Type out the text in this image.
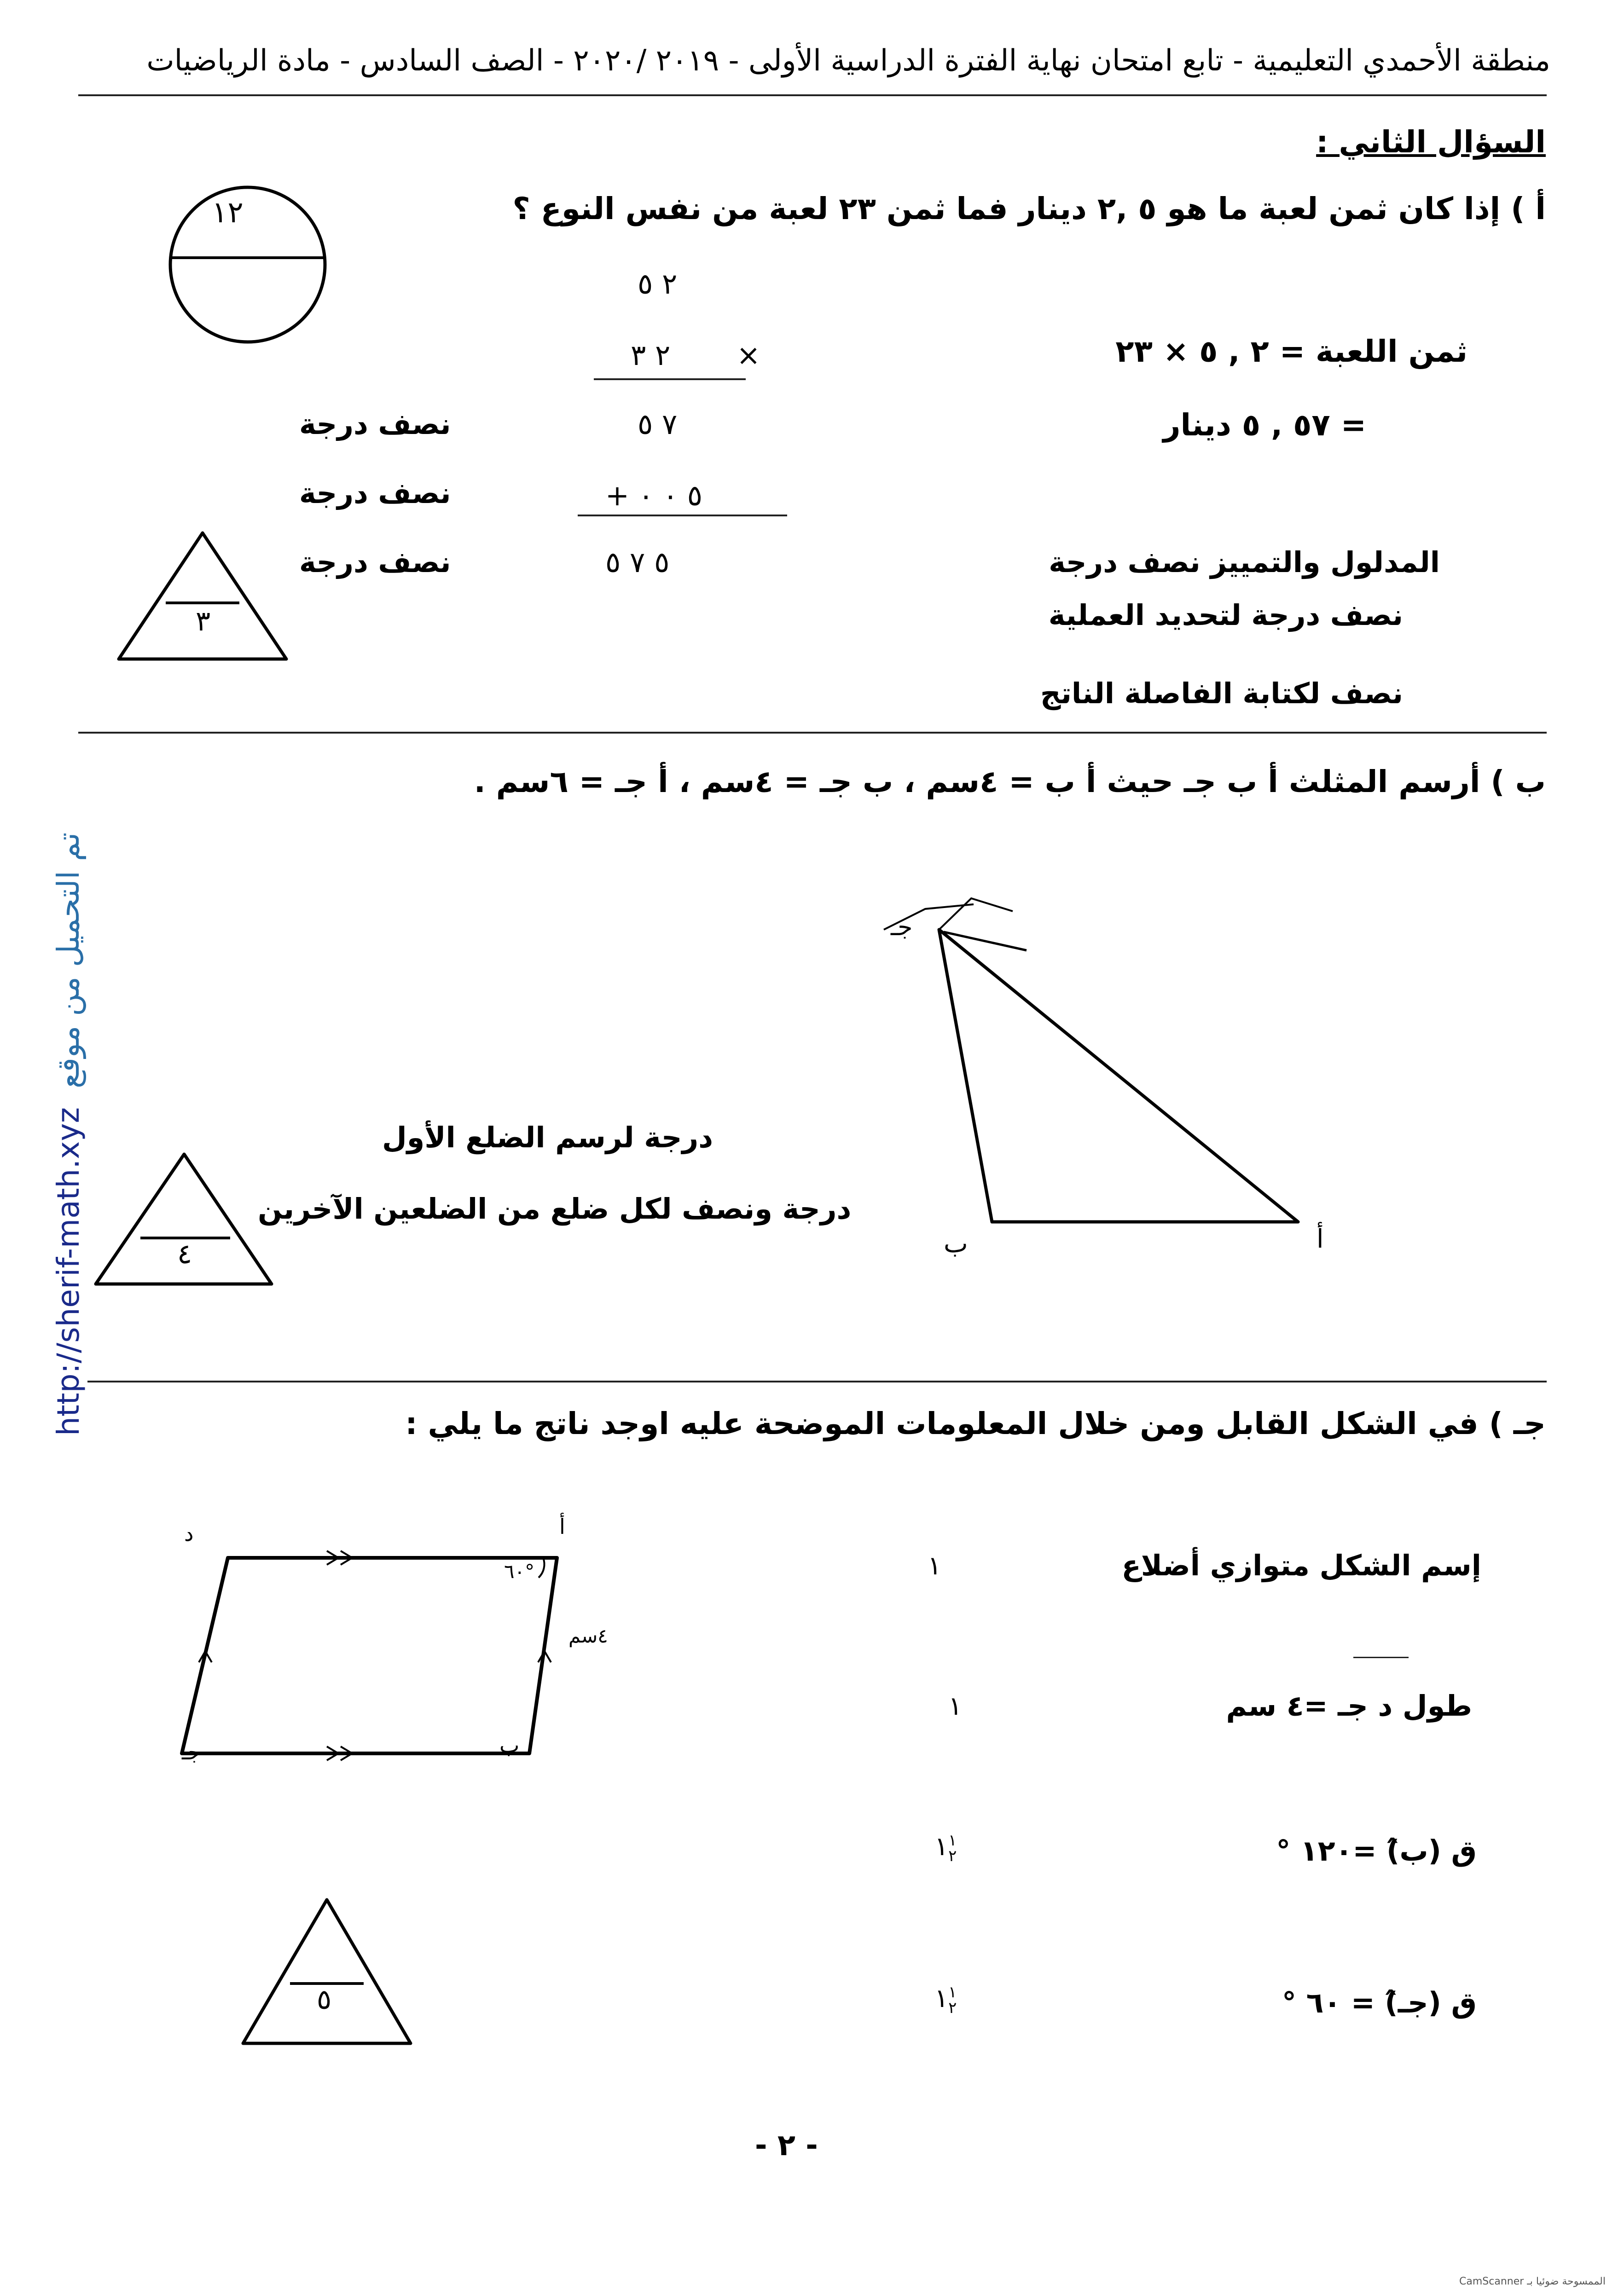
منطقة الأحمدي التعليمية - تابع امتحان نهاية الفترة الدراسية الأولى - ٢٠١٩ /٢٠٢٠ - الصف السادس - مادة الرياضيات
http://sherif-math.xyz تم التحميل من موقع
السؤال الثاني :
أ ) إذا كان ثمن لعبة ما هو ٥ ,٢ دينار فما ثمن ٢٣ لعبة من نفس النوع ؟
١٢
٢ ٥
٢ ٣ ×
٧ ٥
+ ٥ ٠ ٠
٥ ٧ ٥
نصف درجة
نصف درجة
نصف درجة
ثمن اللعبة = ٢ , ٥ × ٢٣
= ٥٧ , ٥ دينار
المدلول والتمييز نصف درجة
نصف درجة لتحديد العملية
نصف لكتابة الفاصلة الناتج
٣
ب ) أرسم المثلث أ ب جـ حيث أ ب = ٤سم ، ب جـ = ٤سم ، أ جـ = ٦سم .
جـ
ب	أ
درجة لرسم الضلع الأول
درجة ونصف لكل ضلع من الضلعين الآخرين
٤
جـ ) في الشكل القابل ومن خلال المعلومات الموضحة عليه اوجد ناتج ما يلي :
د	أ
ب
جـ
٦٠°
٤سم
إسم الشكل متوازي أضلاع
١
طول د جـ =٤ سم
١
ق (ب̂) =١٢٠ °
١ ١
٢
ق (جـ̂) = ٦٠ °
١ ١
٢
٥
- ٢ -
CamScanner الممسوحة ضوئيا بـ
